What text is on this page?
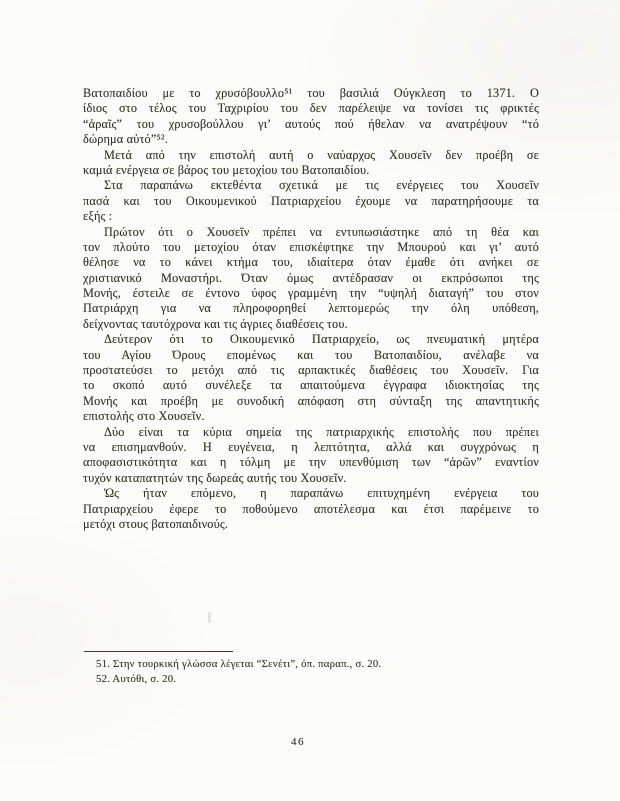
Βατοπαιδίου με το χρυσόβουλλο⁵¹ του βασιλιά Ούγκλεση το 1371. Ο
ίδιος στο τέλος του Ταχριρίου του δεν παρέλειψε να τονίσει τις φρικτές
“ἀραῖς” του χρυσοβούλλου γι’ αυτούς πού ήθελαν να ανατρέψουν “τό
δώρημα αὐτό”⁵².
Μετά από την επιστολή αυτή ο ναύαρχος Χουσεῖν δεν προέβη σε
καμιά ενέργεια σε βάρος του μετοχίου του Βατοπαιδίου.
Στα παραπάνω εκτεθέντα σχετικά με τις ενέργειες του Χουσεῖν
πασά και του Οικουμενικού Πατριαρχείου έχουμε να παρατηρήσουμε τα
εξής :
Πρώτον ότι ο Χουσεῖν πρέπει να εντυπωσιάστηκε από τη θέα και
τον πλούτο του μετοχίου όταν επισκέφτηκε την Μπουρού και γι’ αυτό
θέλησε να το κάνει κτήμα του, ιδιαίτερα όταν έμαθε ότι ανήκει σε
χριστιανικό Μοναστήρι. Όταν όμως αντέδρασαν οι εκπρόσωποι της
Μονής, έστειλε σε έντονο ύφος γραμμένη την “υψηλή διαταγή” του στον
Πατριάρχη για να πληροφορηθεί λεπτομερώς την όλη υπόθεση,
δείχνοντας ταυτόχρονα και τις άγριες διαθέσεις του.
Δεύτερον ότι το Οικουμενικό Πατριαρχείο, ως πνευματική μητέρα
του Αγίου Όρους επομένως και του Βατοπαιδίου, ανέλαβε να
προστατεύσει το μετόχι από τις αρπακτικές διαθέσεις του Χουσεῖν. Για
το σκοπό αυτό συνέλεξε τα απαιτούμενα έγγραφα ιδιοκτησίας της
Μονής και προέβη με συνοδική απόφαση στη σύνταξη της απαντητικής
επιστολής στο Χουσεῖν.
Δύο είναι τα κύρια σημεία της πατριαρχικής επιστολής που πρέπει
να επισημανθούν. Η ευγένεια, η λεπτότητα, αλλά και συγχρόνως η
αποφασιστικότητα και η τόλμη με την υπενθύμιση των “ἀρῶν” εναντίον
τυχόν καταπατητών της δωρεάς αυτής του Χουσεῖν.
Ὡς ήταν επόμενο, η παραπάνω επιτυχημένη ενέργεια του
Πατριαρχείου έφερε το ποθούμενο αποτέλεσμα και έτσι παρέμεινε το
μετόχι στους βατοπαιδινούς.
51. Στην τουρκική γλώσσα λέγεται “Σενέτι”, όπ. παραπ., σ. 20.
52. Αυτόθι, σ. 20.
46
